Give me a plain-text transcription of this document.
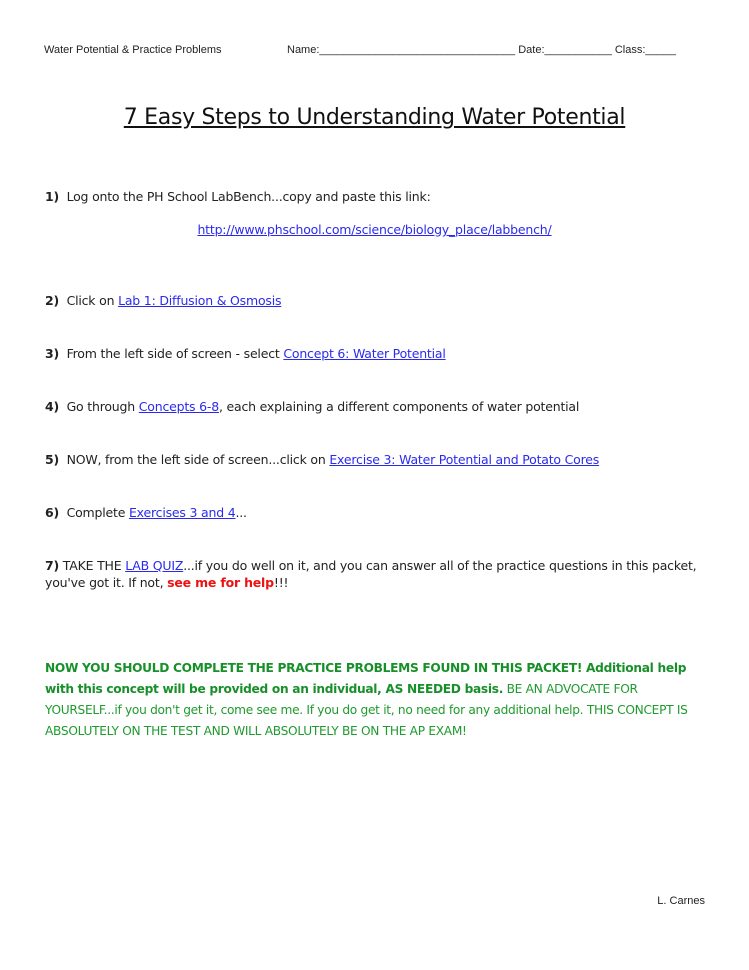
Water Potential & Practice Problems	Name:________________________________ Date:___________ Class:_____
7 Easy Steps to Understanding Water Potential
1) Log onto the PH School LabBench...copy and paste this link:
http://www.phschool.com/science/biology_place/labbench/
2) Click on Lab 1: Diffusion & Osmosis
3) From the left side of screen - select Concept 6: Water Potential
4) Go through Concepts 6-8, each explaining a different components of water potential
5) NOW, from the left side of screen...click on Exercise 3: Water Potential and Potato Cores
6) Complete Exercises 3 and 4...
7) TAKE THE LAB QUIZ...if you do well on it, and you can answer all of the practice questions in this packet, you've got it. If not, see me for help!!!
NOW YOU SHOULD COMPLETE THE PRACTICE PROBLEMS FOUND IN THIS PACKET! Additional help with this concept will be provided on an individual, AS NEEDED basis. BE AN ADVOCATE FOR YOURSELF...if you don't get it, come see me. If you do get it, no need for any additional help. THIS CONCEPT IS ABSOLUTELY ON THE TEST AND WILL ABSOLUTELY BE ON THE AP EXAM!
L. Carnes
